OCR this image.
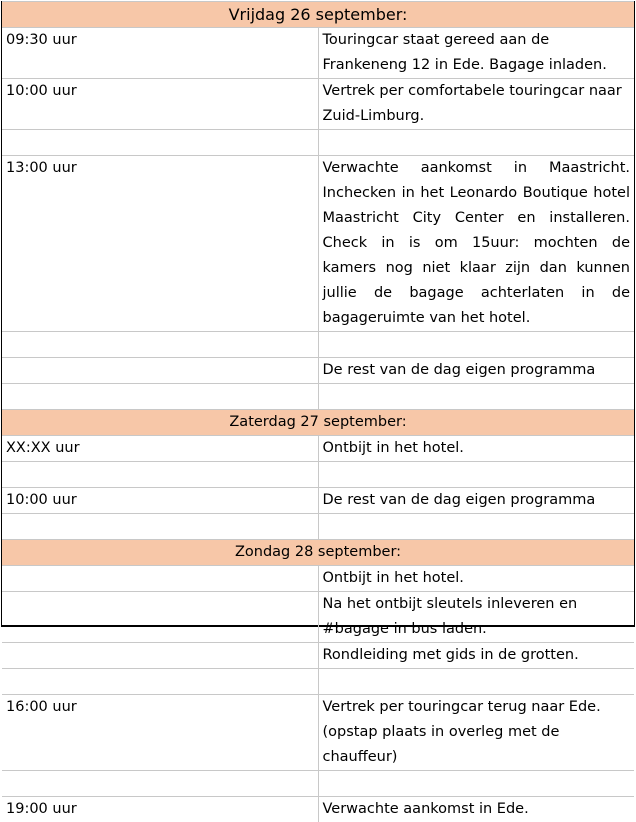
Vrijdag 26 september:	
09:30 uur	Touringcar staat gereed aan de Frankeneng 12 in Ede. Bagage inladen.
10:00 uur	Vertrek per comfortabele touringcar naar Zuid-Limburg.

13:00 uur	Verwachte aankomst in Maastricht. Inchecken in het Leonardo Boutique hotel Maastricht City Center en installeren. Check in is om 15uur: mochten de kamers nog niet klaar zijn dan kunnen jullie de bagage achterlaten in de bagageruimte van het hotel.

	De rest van de dag eigen programma

Zaterdag 27 september:	
XX:XX uur	Ontbijt in het hotel.

10:00 uur	De rest van de dag eigen programma

Zondag 28 september:	
	Ontbijt in het hotel.
	Na het ontbijt sleutels inleveren en #bagage in bus laden.
	Rondleiding met gids in de grotten.

16:00 uur	Vertrek per touringcar terug naar Ede. (opstap plaats in overleg met de chauffeur)

19:00 uur	Verwachte aankomst in Ede.
